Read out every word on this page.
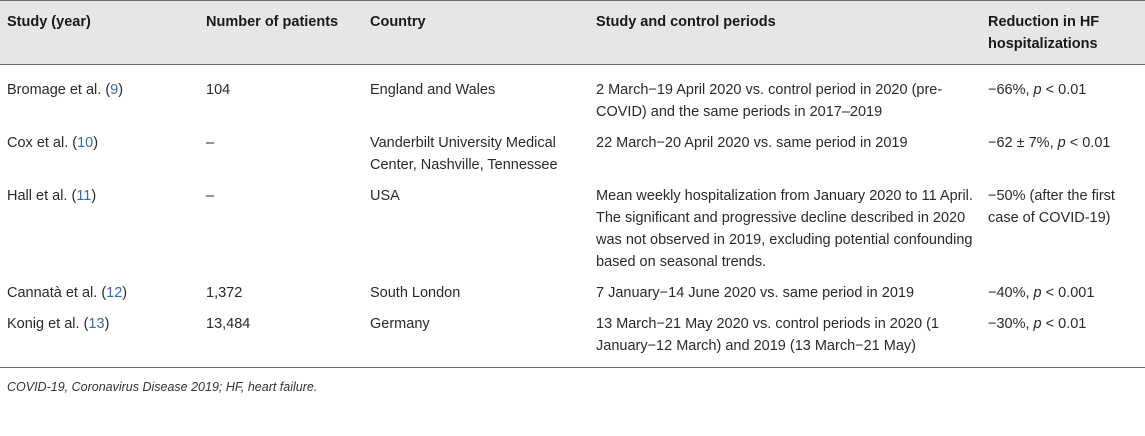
Study (year)	Number of patients	Country	Study and control periods	Reduction in HF hospitalizations
Bromage et al. (9)	104	England and Wales	2 March−19 April 2020 vs. control period in 2020 (pre-COVID) and the same periods in 2017–2019	−66%, p < 0.01
Cox et al. (10)	–	Vanderbilt University Medical Center, Nashville, Tennessee	22 March−20 April 2020 vs. same period in 2019	−62 ± 7%, p < 0.01
Hall et al. (11)	–	USA	Mean weekly hospitalization from January 2020 to 11 April. The significant and progressive decline described in 2020 was not observed in 2019, excluding potential confounding based on seasonal trends.	−50% (after the first case of COVID-19)
Cannatà et al. (12)	1,372	South London	7 January−14 June 2020 vs. same period in 2019	−40%, p < 0.001
Konig et al. (13)	13,484	Germany	13 March−21 May 2020 vs. control periods in 2020 (1 January−12 March) and 2019 (13 March−21 May)	−30%, p < 0.01
COVID-19, Coronavirus Disease 2019; HF, heart failure.
